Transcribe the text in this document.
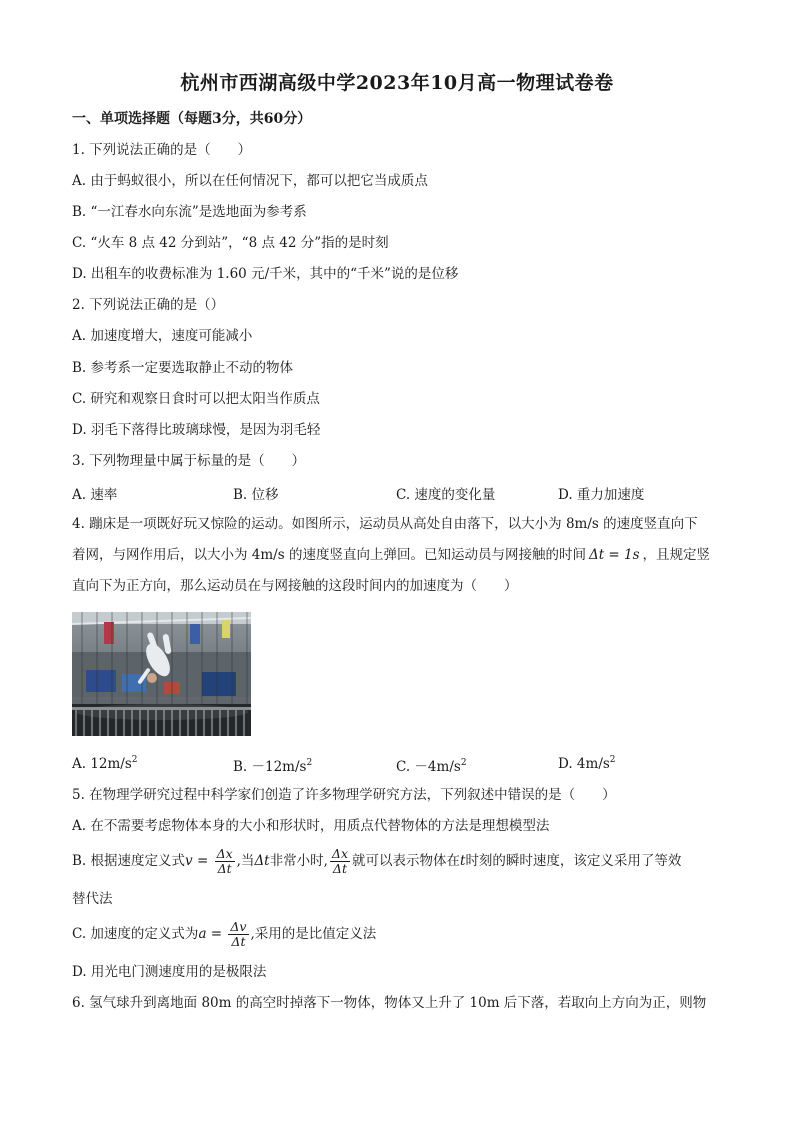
杭州市西湖高级中学2023年10月高一物理试卷卷
一、单项选择题（每题3分，共60分）
1. 下列说法正确的是（　　）
A. 由于蚂蚁很小，所以在任何情况下，都可以把它当成质点
B. “一江春水向东流”是选地面为参考系
C. “火车 8 点 42 分到站”，“8 点 42 分”指的是时刻
D. 出租车的收费标准为 1.60 元/千米，其中的“千米”说的是位移
2. 下列说法正确的是（）
A. 加速度增大，速度可能减小
B. 参考系一定要选取静止不动的物体
C. 研究和观察日食时可以把太阳当作质点
D. 羽毛下落得比玻璃球慢，是因为羽毛轻
3. 下列物理量中属于标量的是（　　）
A. 速率	B. 位移	C. 速度的变化量	D. 重力加速度
4. 蹦床是一项既好玩又惊险的运动。如图所示，运动员从高处自由落下，以大小为 8m/s 的速度竖直向下
着网，与网作用后，以大小为 4m/s 的速度竖直向上弹回。已知运动员与网接触的时间 Δt = 1s ，且规定竖
直向下为正方向，那么运动员在与网接触的这段时间内的加速度为（　　）
A. $12m/s^2$	B. $-12m/s^2$	C. $-4m/s^2$	D. $4m/s^2$
5. 在物理学研究过程中科学家们创造了许多物理学研究方法，下列叙述中错误的是（　　）
A. 在不需要考虑物体本身的大小和形状时，用质点代替物体的方法是理想模型法
B. 根据速度定义式$v = \frac{\Delta x}{\Delta t}$ ,当Δt非常小时, $\frac{\Delta x}{\Delta t}$ 就可以表示物体在t时刻的瞬时速度，该定义采用了等效
替代法
C. 加速度的定义式为$a = \frac{\Delta v}{\Delta t}$ ,采用的是比值定义法
D. 用光电门测速度用的是极限法
6. 氢气球升到离地面 80m 的高空时掉落下一物体，物体又上升了 10m 后下落，若取向上方向为正，则物
